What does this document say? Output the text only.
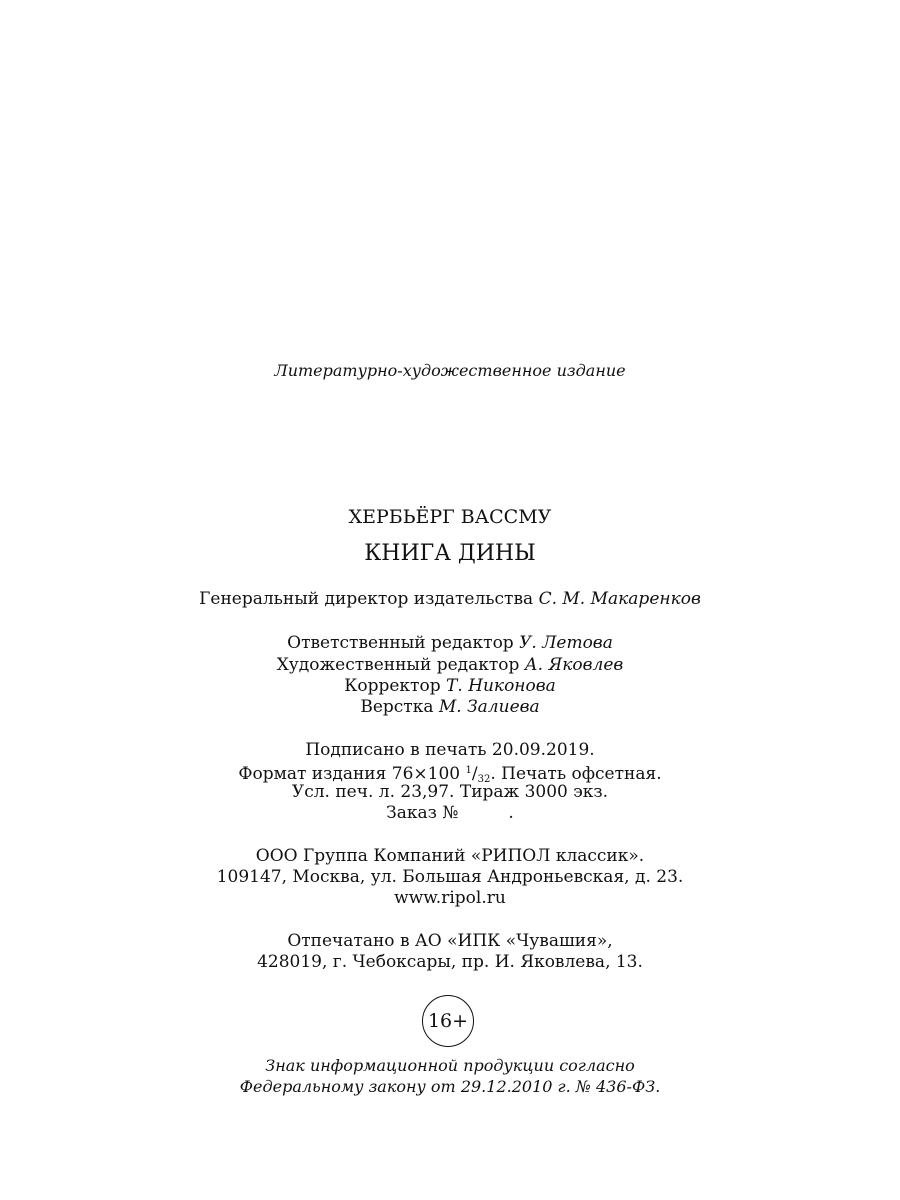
Литературно-художественное издание
ХЕРБЬЁРГ ВАССМУ
КНИГА ДИНЫ
Генеральный директор издательства С. М. Макаренков
Ответственный редактор У. Летова
Художественный редактор А. Яковлев
Корректор Т. Никонова
Верстка М. Залиева
Подписано в печать 20.09.2019.
Формат издания 76×100 $^1$/32. Печать офсетная.
Усл. печ. л. 23,97. Тираж 3000 экз.
Заказ №	.
ООО Группа Компаний «РИПОЛ классик».
109147, Москва, ул. Большая Андроньевская, д. 23.
www.ripol.ru
Отпечатано в АО «ИПК «Чувашия»,
428019, г. Чебоксары, пр. И. Яковлева, 13.
16+
Знак информационной продукции согласно
Федеральному закону от 29.12.2010 г. № 436-ФЗ.
